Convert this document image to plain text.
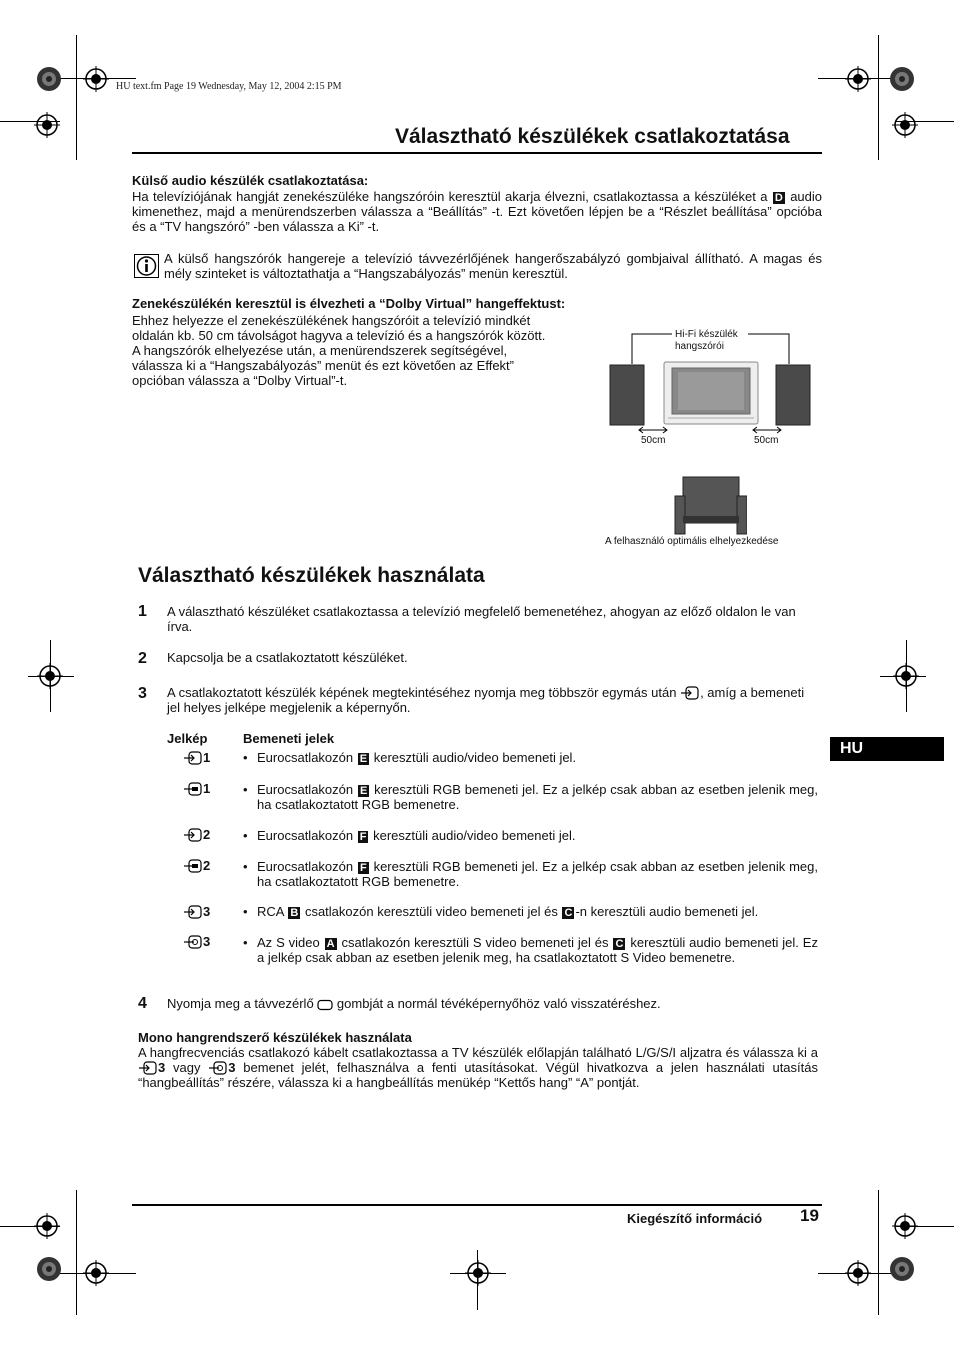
HU text.fm Page 19 Wednesday, May 12, 2004 2:15 PM
Választható készülékek csatlakoztatása
Külső audio készülék csatlakoztatása:
Ha televíziójának hangját zenekészüléke hangszóróin keresztül akarja élvezni, csatlakoztassa a készüléket a D audio kimenethez, majd a menürendszerben válassza a “Beállítás” -t. Ezt követően lépjen be a “Részlet beállítása” opcióba és a “TV hangszóró” -ben válassza a Ki” -t.
A külső hangszórók hangereje a televízió távvezérlőjének hangerőszabályzó gombjaival állítható. A magas és mély szinteket is változtathatja a “Hangszabályozás” menün keresztül.
Zenekészülékén keresztül is élvezheti a “Dolby Virtual” hangeffektust:
Ehhez helyezze el zenekészülékének hangszóróit a televízió mindkét
oldalán kb. 50 cm távolságot hagyva a televízió és a hangszórók között.
A hangszórók elhelyezése után, a menürendszerek segítségével,
válassza ki a “Hangszabályozás” menüt és ezt követően az Effekt”
opcióban válassza a “Dolby Virtual”-t.
Hi-Fi készülék
hangszórói
50cm	50cm
A felhasználó optimális elhelyezkedése
Választható készülékek használata
1 A választható készüléket csatlakoztassa a televízió megfelelő bemenetéhez, ahogyan az előző oldalon le van írva.
2 Kapcsolja be a csatlakoztatott készüléket.
3 A csatlakoztatott készülék képének megtekintéséhez nyomja meg többször egymás után , amíg a bemeneti jel helyes jelképe megjelenik a képernyőn.
Jelkép	Bemeneti jelek
1	• Eurocsatlakozón E keresztüli audio/video bemeneti jel.
1	• Eurocsatlakozón E keresztüli RGB bemeneti jel. Ez a jelkép csak abban az esetben jelenik meg, ha csatlakoztatott RGB bemenetre.
2	• Eurocsatlakozón F keresztüli audio/video bemeneti jel.
2	• Eurocsatlakozón F keresztüli RGB bemeneti jel. Ez a jelkép csak abban az esetben jelenik meg, ha csatlakoztatott RGB bemenetre.
3	• RCA B csatlakozón keresztüli video bemeneti jel és C -n keresztüli audio bemeneti jel.
3	• Az S video A csatlakozón keresztüli S video bemeneti jel és C keresztüli audio bemeneti jel. Ez a jelkép csak abban az esetben jelenik meg, ha csatlakoztatott S Video bemenetre.
4 Nyomja meg a távvezérlő gombját a normál tévéképernyőhöz való visszatéréshez.
Mono hangrendszerő készülékek használata
A hangfrecvenciás csatlakozó kábelt csatlakoztassa a TV készülék előlapján található L/G/S/I aljzatra és válassza ki a 3 vagy 3 bemenet jelét, felhasználva a fenti utasításokat. Végül hivatkozva a jelen használati utasítás “hangbeállítás” részére, válassza ki a hangbeállítás menükép “Kettős hang” “A” pontját.
HU
Kiegészítő információ 19
